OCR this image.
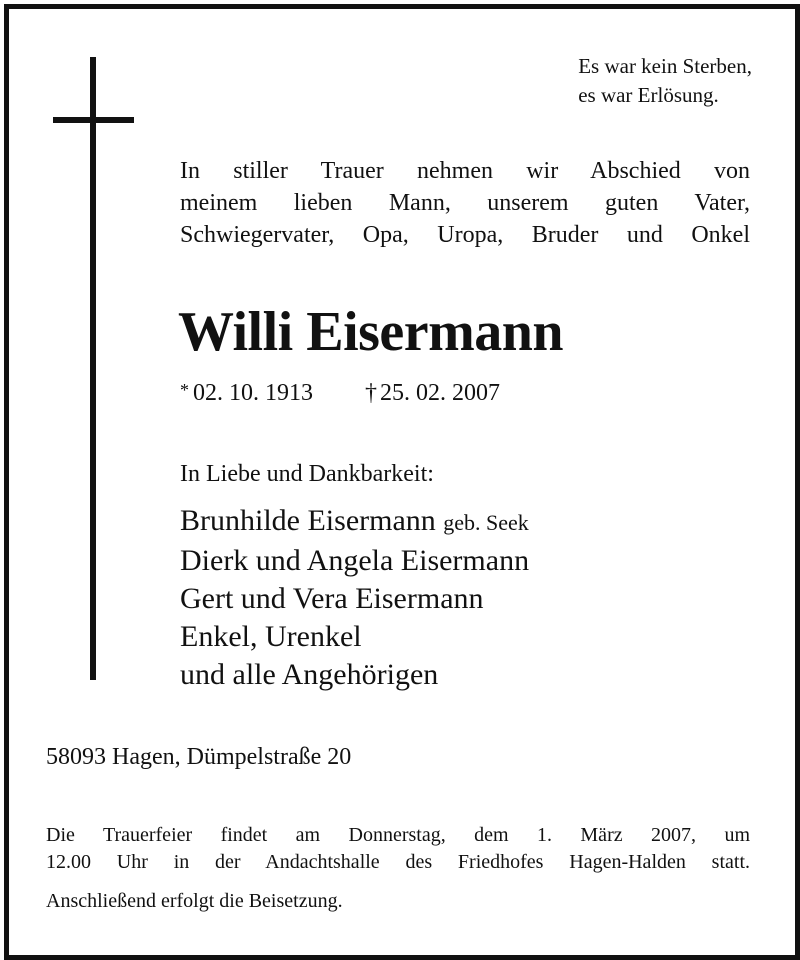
Es war kein Sterben,
es war Erlösung.
In stiller Trauer nehmen wir Abschied von
meinem lieben Mann, unserem guten Vater,
Schwiegervater, Opa, Uropa, Bruder und Onkel
Willi Eisermann
* 02. 10. 1913 † 25. 02. 2007
In Liebe und Dankbarkeit:
Brunhilde Eisermann geb. Seek
Dierk und Angela Eisermann
Gert und Vera Eisermann
Enkel, Urenkel
und alle Angehörigen
58093 Hagen, Dümpelstraße 20
Die Trauerfeier findet am Donnerstag, dem 1. März 2007, um
12.00 Uhr in der Andachtshalle des Friedhofes Hagen-Halden statt.
Anschließend erfolgt die Beisetzung.
